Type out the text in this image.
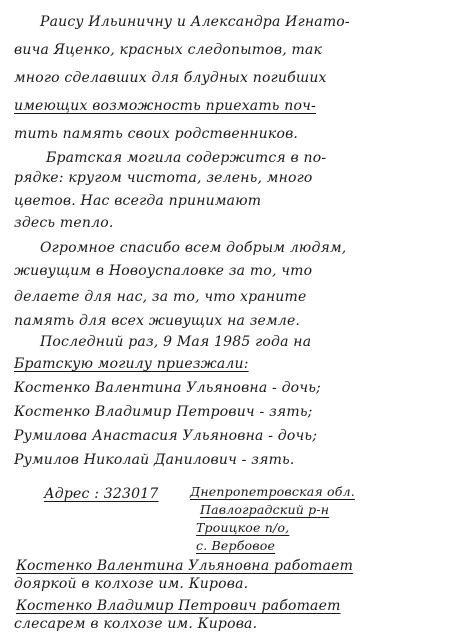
Раису Ильиничну и Александра Игнато-
вича Яценко, красных следопытов, так
много сделавших для блудных погибших
имеющих возможность приехать поч-
тить память своих родственников.
Братская могила содержится в по-
рядке: кругом чистота, зелень, много
цветов. Нас всегда принимают
здесь тепло.
Огромное спасибо всем добрым людям,
живущим в Новоуспаловке за то, что
делаете для нас, за то, что храните
память для всех живущих на земле.
Последний раз, 9 Мая 1985 года на
Братскую могилу приезжали:
Костенко Валентина Ульяновна - дочь;
Костенко Владимир Петрович - зять;
Румилова Анастасия Ульяновна - дочь;
Румилов Николай Данилович - зять.
Адрес : 323017	Днепропетровская обл.
Павлоградский р-н
Троицкое п/о,
с. Вербовое
Костенко Валентина Ульяновна работает
дояркой в колхозе им. Кирова.
Костенко Владимир Петрович работает
слесарем в колхозе им. Кирова.
